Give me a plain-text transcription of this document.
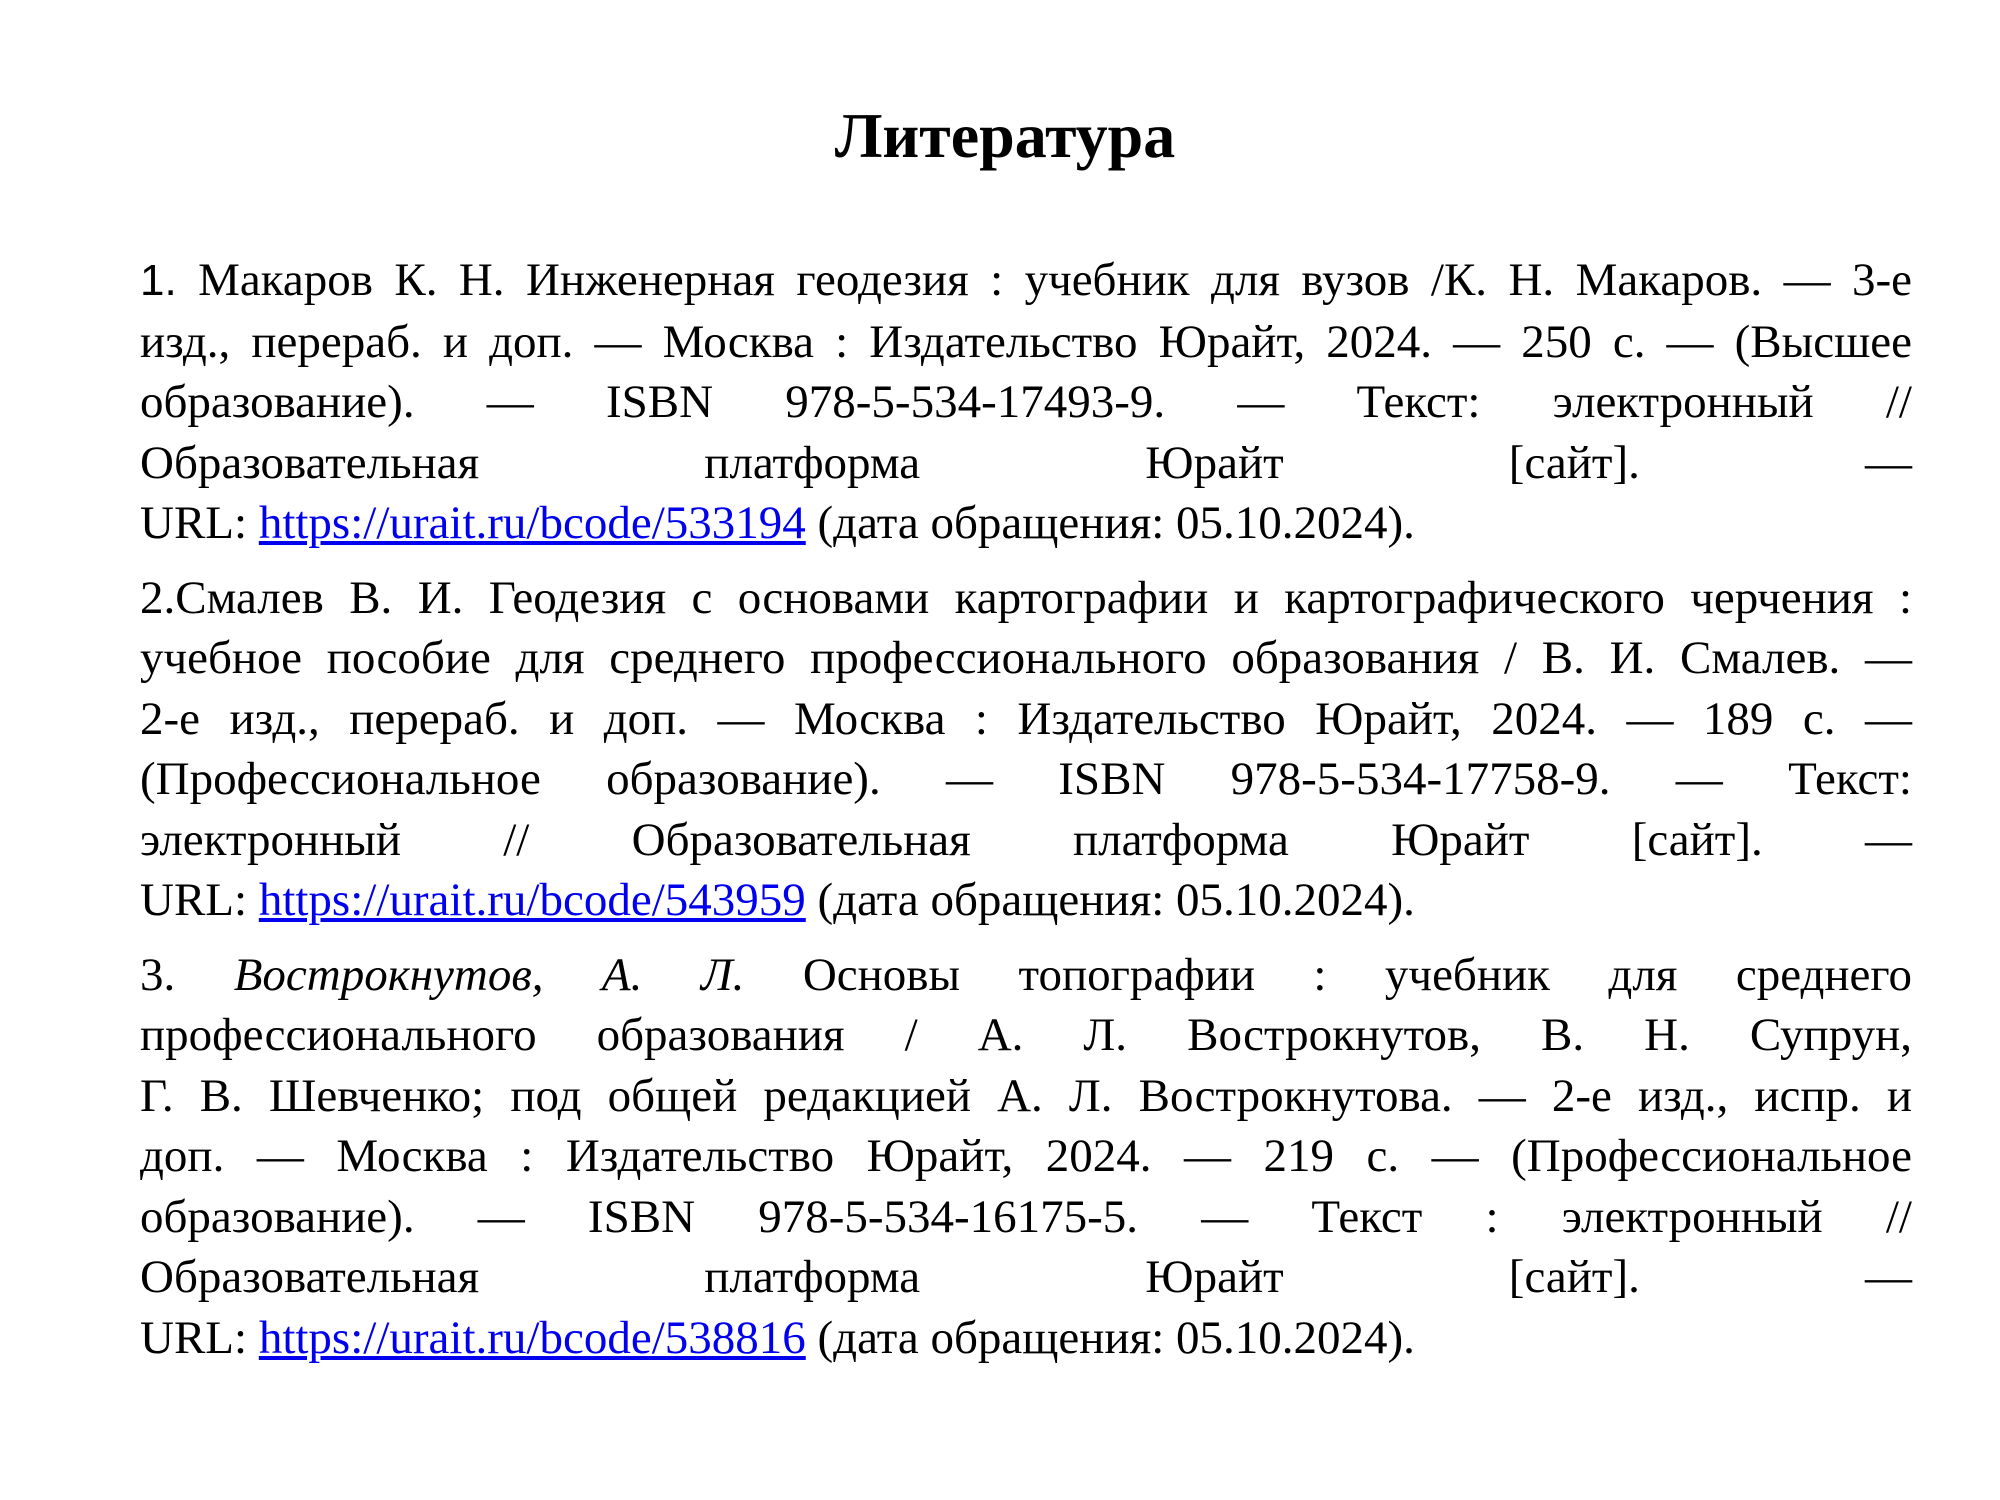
Литература

1. Макаров К. Н. Инженерная геодезия : учебник для вузов /К. Н. Макаров. — 3-е
изд., перераб. и доп. — Москва : Издательство Юрайт, 2024. — 250 с. — (Высшее
образование). — ISBN 978-5-534-17493-9. — Текст: электронный //
Образовательная платформа Юрайт [сайт]. —
URL: https://urait.ru/bcode/533194 (дата обращения: 05.10.2024).

2.Смалев В. И. Геодезия с основами картографии и картографического черчения :
учебное пособие для среднего профессионального образования / В. И. Смалев. —
2-е изд., перераб. и доп. — Москва : Издательство Юрайт, 2024. — 189 с. —
(Профессиональное образование). — ISBN 978-5-534-17758-9. — Текст:
электронный // Образовательная платформа Юрайт [сайт]. —
URL: https://urait.ru/bcode/543959 (дата обращения: 05.10.2024).

3. Вострокнутов, А. Л. Основы топографии : учебник для среднего
профессионального образования / А. Л. Вострокнутов, В. Н. Супрун,
Г. В. Шевченко; под общей редакцией А. Л. Вострокнутова. — 2-е изд., испр. и
доп. — Москва : Издательство Юрайт, 2024. — 219 с. — (Профессиональное
образование). — ISBN 978-5-534-16175-5. — Текст : электронный //
Образовательная платформа Юрайт [сайт]. —
URL: https://urait.ru/bcode/538816 (дата обращения: 05.10.2024).
